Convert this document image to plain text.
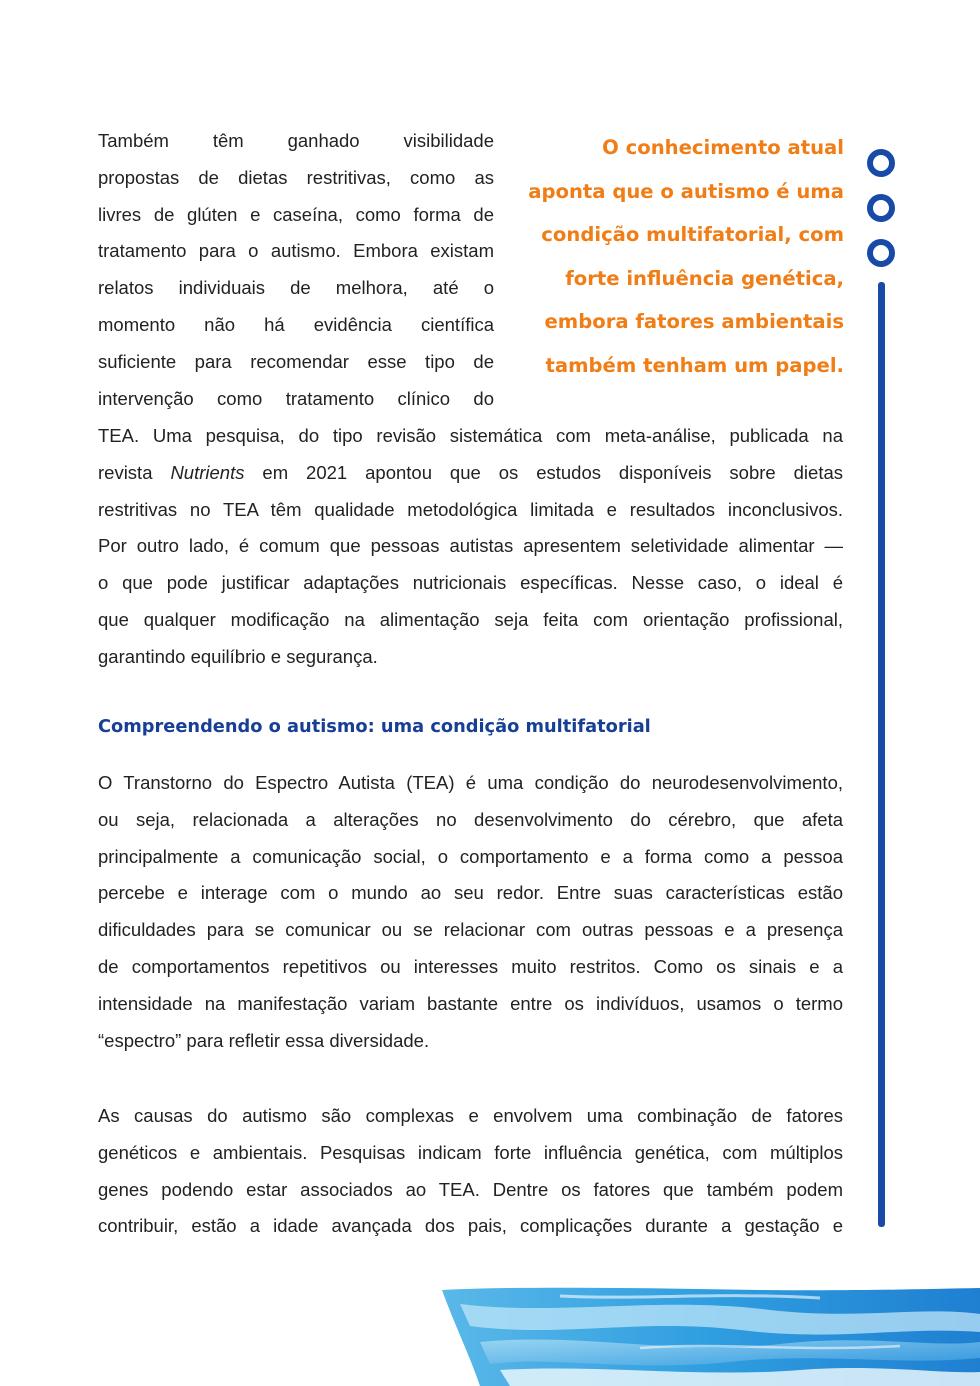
Também têm ganhado visibilidade
propostas de dietas restritivas, como as
livres de glúten e caseína, como forma de
tratamento para o autismo. Embora existam
relatos individuais de melhora, até o
momento não há evidência científica
suficiente para recomendar esse tipo de
intervenção como tratamento clínico do
O conhecimento atual
aponta que o autismo é uma
condição multifatorial, com
forte influência genética,
embora fatores ambientais
também tenham um papel.
TEA. Uma pesquisa, do tipo revisão sistemática com meta-análise, publicada na
revista Nutrients em 2021 apontou que os estudos disponíveis sobre dietas
restritivas no TEA têm qualidade metodológica limitada e resultados inconclusivos.
Por outro lado, é comum que pessoas autistas apresentem seletividade alimentar —
o que pode justificar adaptações nutricionais específicas. Nesse caso, o ideal é
que qualquer modificação na alimentação seja feita com orientação profissional,
garantindo equilíbrio e segurança.
Compreendendo o autismo: uma condição multifatorial
O Transtorno do Espectro Autista (TEA) é uma condição do neurodesenvolvimento,
ou seja, relacionada a alterações no desenvolvimento do cérebro, que afeta
principalmente a comunicação social, o comportamento e a forma como a pessoa
percebe e interage com o mundo ao seu redor. Entre suas características estão
dificuldades para se comunicar ou se relacionar com outras pessoas e a presença
de comportamentos repetitivos ou interesses muito restritos. Como os sinais e a
intensidade na manifestação variam bastante entre os indivíduos, usamos o termo
“espectro” para refletir essa diversidade.
As causas do autismo são complexas e envolvem uma combinação de fatores
genéticos e ambientais. Pesquisas indicam forte influência genética, com múltiplos
genes podendo estar associados ao TEA. Dentre os fatores que também podem
contribuir, estão a idade avançada dos pais, complicações durante a gestação e
